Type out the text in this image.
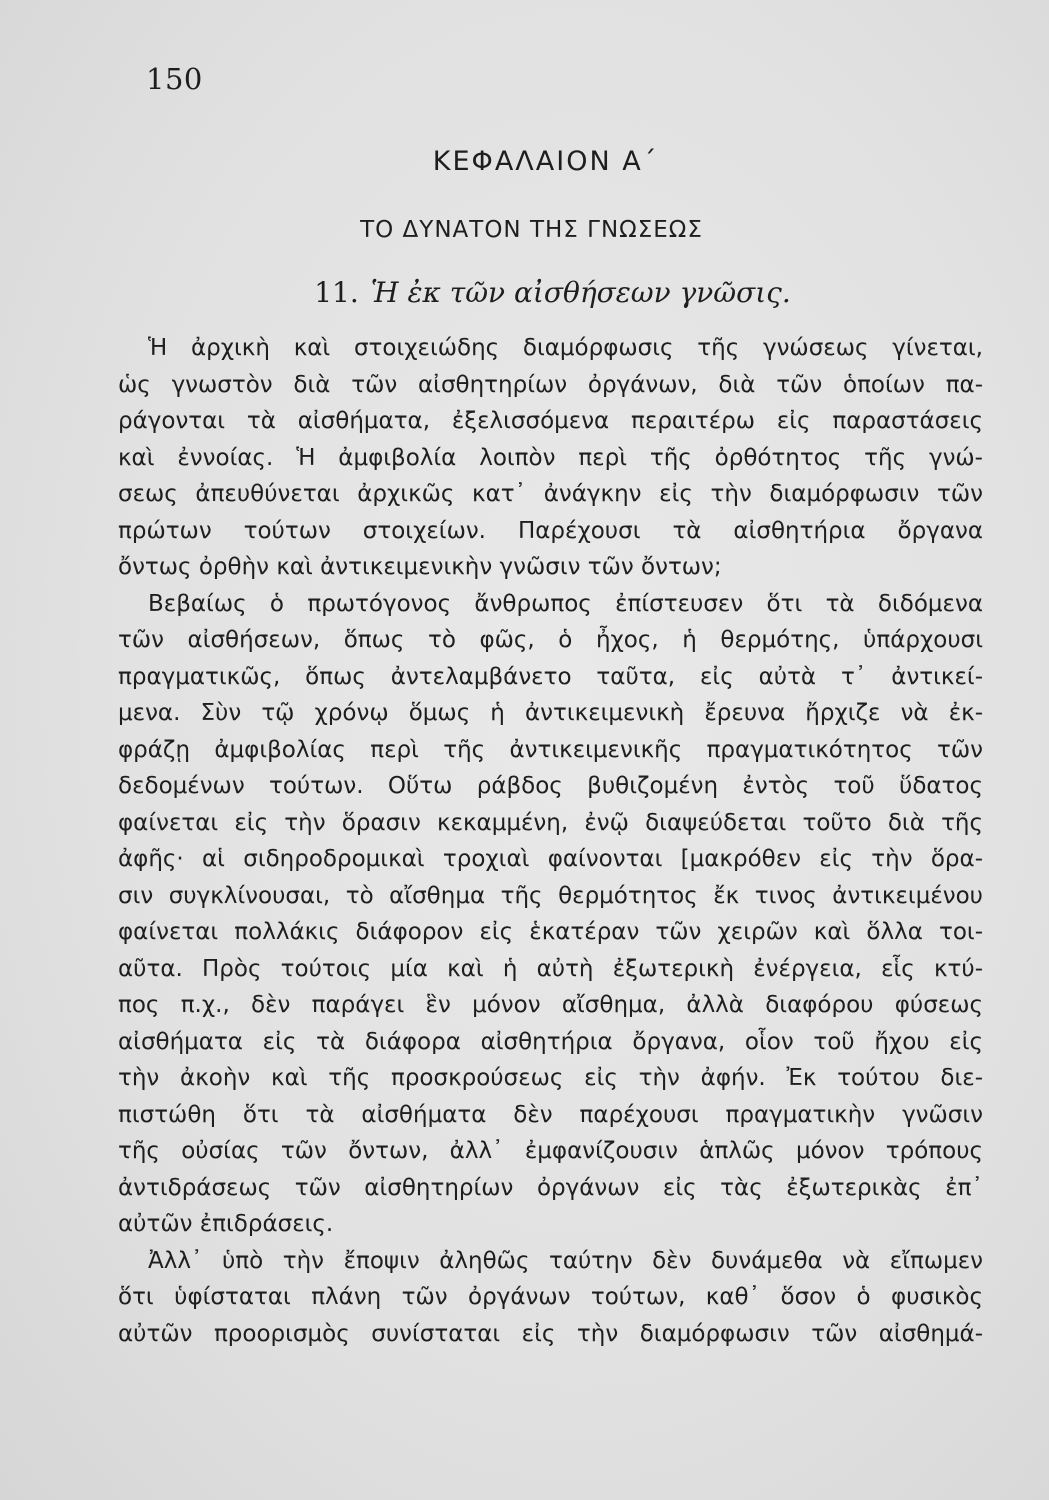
150
ΚΕΦΑΛΑΙΟΝ Α΄
ΤΟ ΔΥΝΑΤΟΝ ΤΗΣ ΓΝΩΣΕΩΣ
11. Ἡ ἐκ τῶν αἰσθήσεων γνῶσις.
Ἡ ἀρχικὴ καὶ στοιχειώδης διαμόρφωσις τῆς γνώσεως γίνεται,
ὡς γνωστὸν διὰ τῶν αἰσθητηρίων ὀργάνων, διὰ τῶν ὁποίων πα-
ράγονται τὰ αἰσθήματα, ἐξελισσόμενα περαιτέρω εἰς παραστάσεις
καὶ ἐννοίας. Ἡ ἀμφιβολία λοιπὸν περὶ τῆς ὀρθότητος τῆς γνώ-
σεως ἀπευθύνεται ἀρχικῶς κατ᾽ ἀνάγκην εἰς τὴν διαμόρφωσιν τῶν
πρώτων τούτων στοιχείων. Παρέχουσι τὰ αἰσθητήρια ὄργανα
ὄντως ὀρθὴν καὶ ἀντικειμενικὴν γνῶσιν τῶν ὄντων;
Βεβαίως ὁ πρωτόγονος ἄνθρωπος ἐπίστευσεν ὅτι τὰ διδόμενα
τῶν αἰσθήσεων, ὅπως τὸ φῶς, ὁ ἦχος, ἡ θερμότης, ὑπάρχουσι
πραγματικῶς, ὅπως ἀντελαμβάνετο ταῦτα, εἰς αὐτὰ τ᾽ ἀντικεί-
μενα. Σὺν τῷ χρόνῳ ὅμως ἡ ἀντικειμενικὴ ἔρευνα ἤρχιζε νὰ ἐκ-
φράζῃ ἀμφιβολίας περὶ τῆς ἀντικειμενικῆς πραγματικότητος τῶν
δεδομένων τούτων. Οὕτω ράβδος βυθιζομένη ἐντὸς τοῦ ὕδατος
φαίνεται εἰς τὴν ὅρασιν κεκαμμένη, ἐνῷ διαψεύδεται τοῦτο διὰ τῆς
ἀφῆς· αἱ σιδηροδρομικαὶ τροχιαὶ φαίνονται [μακρόθεν εἰς τὴν ὅρα-
σιν συγκλίνουσαι, τὸ αἴσθημα τῆς θερμότητος ἔκ τινος ἀντικειμένου
φαίνεται πολλάκις διάφορον εἰς ἑκατέραν τῶν χειρῶν καὶ ὅλλα τοι-
αῦτα. Πρὸς τούτοις μία καὶ ἡ αὐτὴ ἐξωτερικὴ ἐνέργεια, εἷς κτύ-
πος π.χ., δὲν παράγει ἓν μόνον αἴσθημα, ἀλλὰ διαφόρου φύσεως
αἰσθήματα εἰς τὰ διάφορα αἰσθητήρια ὄργανα, οἷον τοῦ ἤχου εἰς
τὴν ἀκοὴν καὶ τῆς προσκρούσεως εἰς τὴν ἀφήν. Ἐκ τούτου διε-
πιστώθη ὅτι τὰ αἰσθήματα δὲν παρέχουσι πραγματικὴν γνῶσιν
τῆς οὐσίας τῶν ὄντων, ἀλλ᾽ ἐμφανίζουσιν ἁπλῶς μόνον τρόπους
ἀντιδράσεως τῶν αἰσθητηρίων ὀργάνων εἰς τὰς ἐξωτερικὰς ἐπ᾽
αὐτῶν ἐπιδράσεις.
Ἀλλ᾽ ὑπὸ τὴν ἔποψιν ἀληθῶς ταύτην δὲν δυνάμεθα νὰ εἴπωμεν
ὅτι ὑφίσταται πλάνη τῶν ὀργάνων τούτων, καθ᾽ ὅσον ὁ φυσικὸς
αὐτῶν προορισμὸς συνίσταται εἰς τὴν διαμόρφωσιν τῶν αἰσθημά-
